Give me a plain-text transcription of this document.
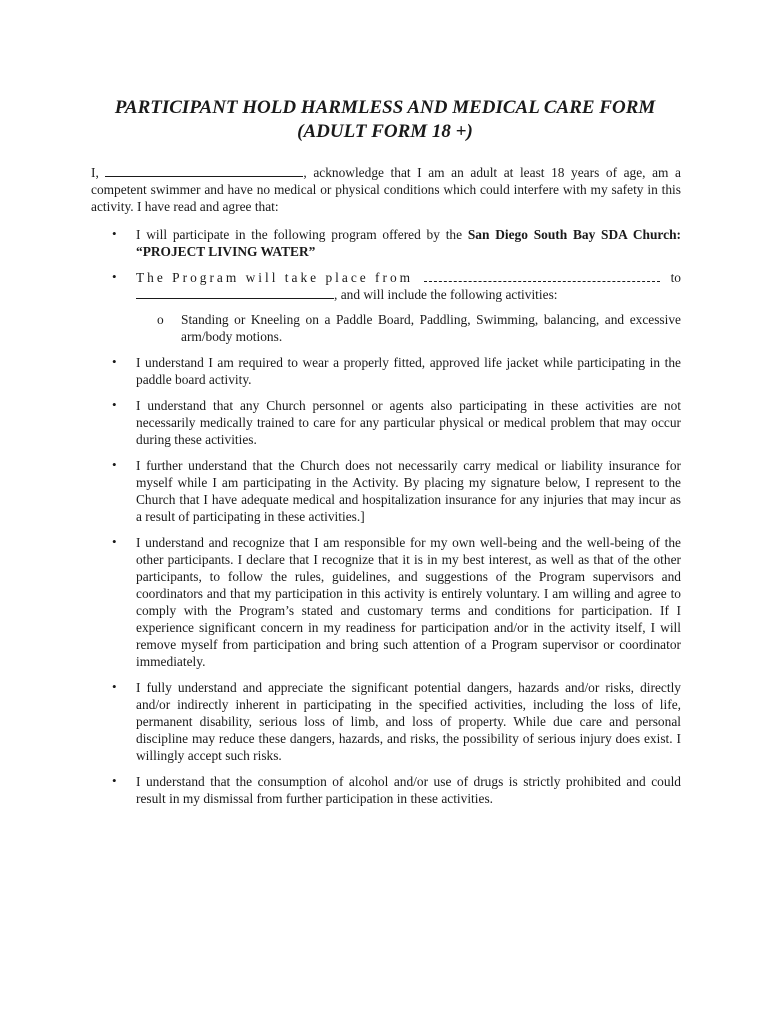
PARTICIPANT HOLD HARMLESS AND MEDICAL CARE FORM
(ADULT FORM 18 +)

I,	, acknowledge that I am an adult at least 18 years of age, am a competent swimmer and have no medical or physical conditions which could interfere with my safety in this activity. I have read and agree that:

• I will participate in the following program offered by the San Diego South Bay SDA Church: “PROJECT LIVING WATER”
• The Program will take place from	to
, and will include the following activities:
o Standing or Kneeling on a Paddle Board, Paddling, Swimming, balancing, and excessive arm/body motions.
• I understand I am required to wear a properly fitted, approved life jacket while participating in the paddle board activity.
• I understand that any Church personnel or agents also participating in these activities are not necessarily medically trained to care for any particular physical or medical problem that may occur during these activities.
• I further understand that the Church does not necessarily carry medical or liability insurance for myself while I am participating in the Activity. By placing my signature below, I represent to the Church that I have adequate medical and hospitalization insurance for any injuries that may incur as a result of participating in these activities.]
• I understand and recognize that I am responsible for my own well-being and the well-being of the other participants. I declare that I recognize that it is in my best interest, as well as that of the other participants, to follow the rules, guidelines, and suggestions of the Program supervisors and coordinators and that my participation in this activity is entirely voluntary. I am willing and agree to comply with the Program’s stated and customary terms and conditions for participation. If I experience significant concern in my readiness for participation and/or in the activity itself, I will remove myself from participation and bring such attention of a Program supervisor or coordinator immediately.
• I fully understand and appreciate the significant potential dangers, hazards and/or risks, directly and/or indirectly inherent in participating in the specified activities, including the loss of life, permanent disability, serious loss of limb, and loss of property. While due care and personal discipline may reduce these dangers, hazards, and risks, the possibility of serious injury does exist. I willingly accept such risks.
• I understand that the consumption of alcohol and/or use of drugs is strictly prohibited and could result in my dismissal from further participation in these activities.
